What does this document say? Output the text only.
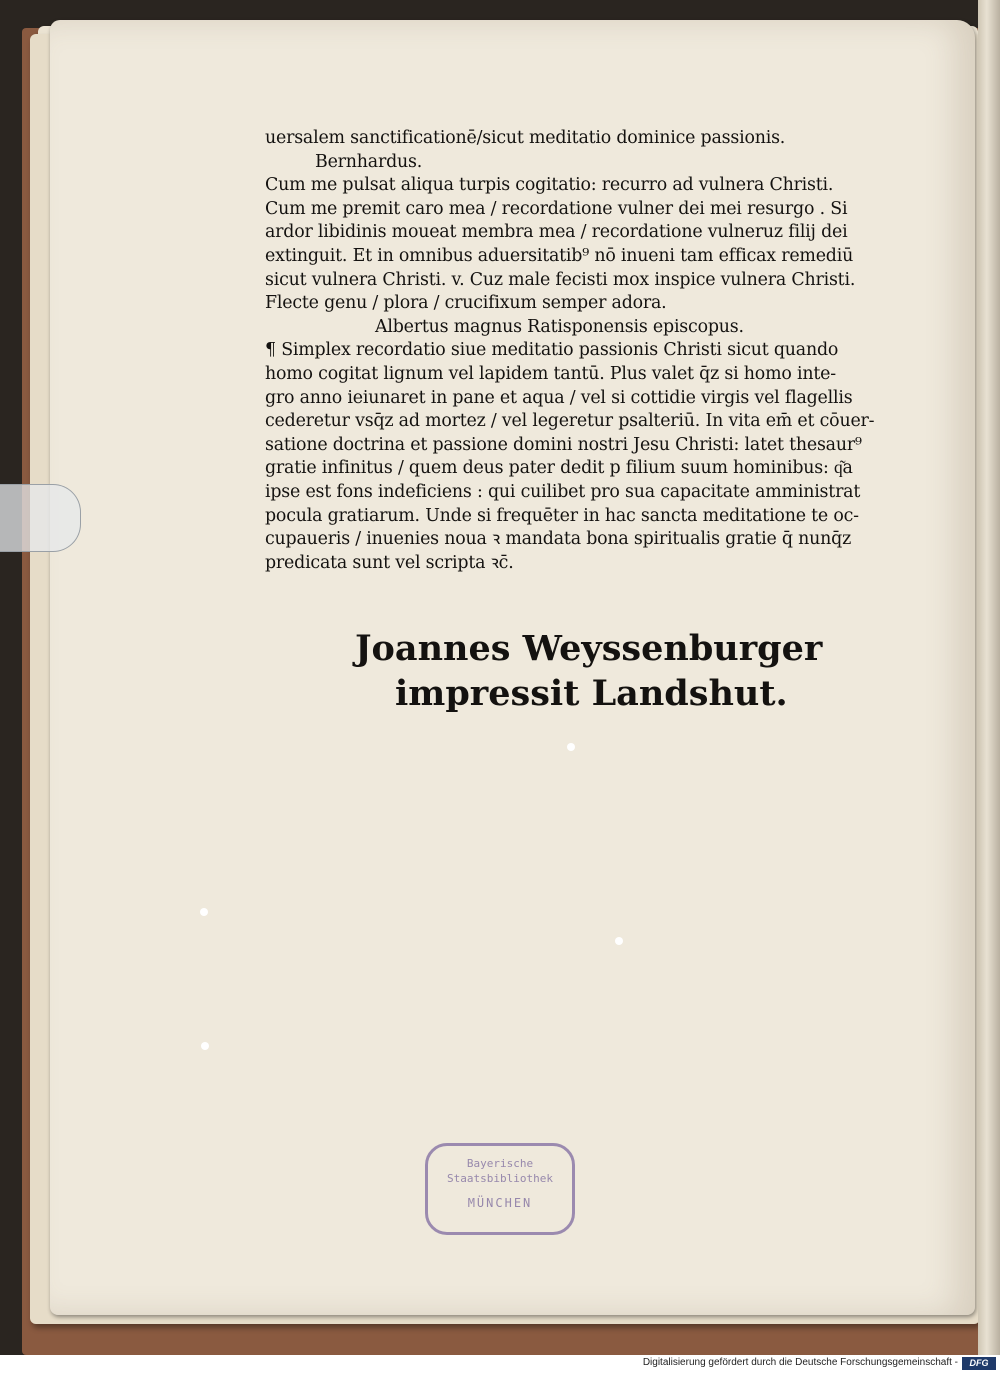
uersalem sanctificationē/sicut meditatio dominice passionis.
Bernhardus.
Cum me pulsat aliqua turpis cogitatio: recurro ad vulnera Christi.
Cum me premit caro mea / recordatione vulner dei mei resurgo . Si
ardor libidinis moueat membra mea / recordatione vulneruz filij dei
extinguit. Et in omnibus aduersitatib⁹ nō inueni tam efficax remediū
sicut vulnera Christi. v. Cuz male fecisti mox inspice vulnera Christi.
Flecte genu / plora / crucifixum semper adora.
Albertus magnus Ratisponensis episcopus.
¶ Simplex recordatio siue meditatio passionis Christi sicut quando
homo cogitat lignum vel lapidem tantū. Plus valet q̄z si homo inte-
gro anno ieiunaret in pane et aqua / vel si cottidie virgis vel flagellis
cederetur vsq̄z ad mortez / vel legeretur psalteriū. In vita em̄ et cōuer-
satione doctrina et passione domini nostri Jesu Christi: latet thesaur⁹
gratie infinitus / quem deus pater dedit p filium suum hominibus: q͂a
ipse est fons indeficiens : qui cuilibet pro sua capacitate amministrat
pocula gratiarum. Unde si frequēter in hac sancta meditatione te oc-
cupaueris / inuenies noua ꝛ mandata bona spiritualis gratie q̄ nunq̄z
predicata sunt vel scripta ꝛc̄.
Joannes Weyssenburger
impressit Landshut.
Bayerische
Staatsbibliothek
MÜNCHEN
Digitalisierung gefördert durch die Deutsche Forschungsgemeinschaft -	DFG
